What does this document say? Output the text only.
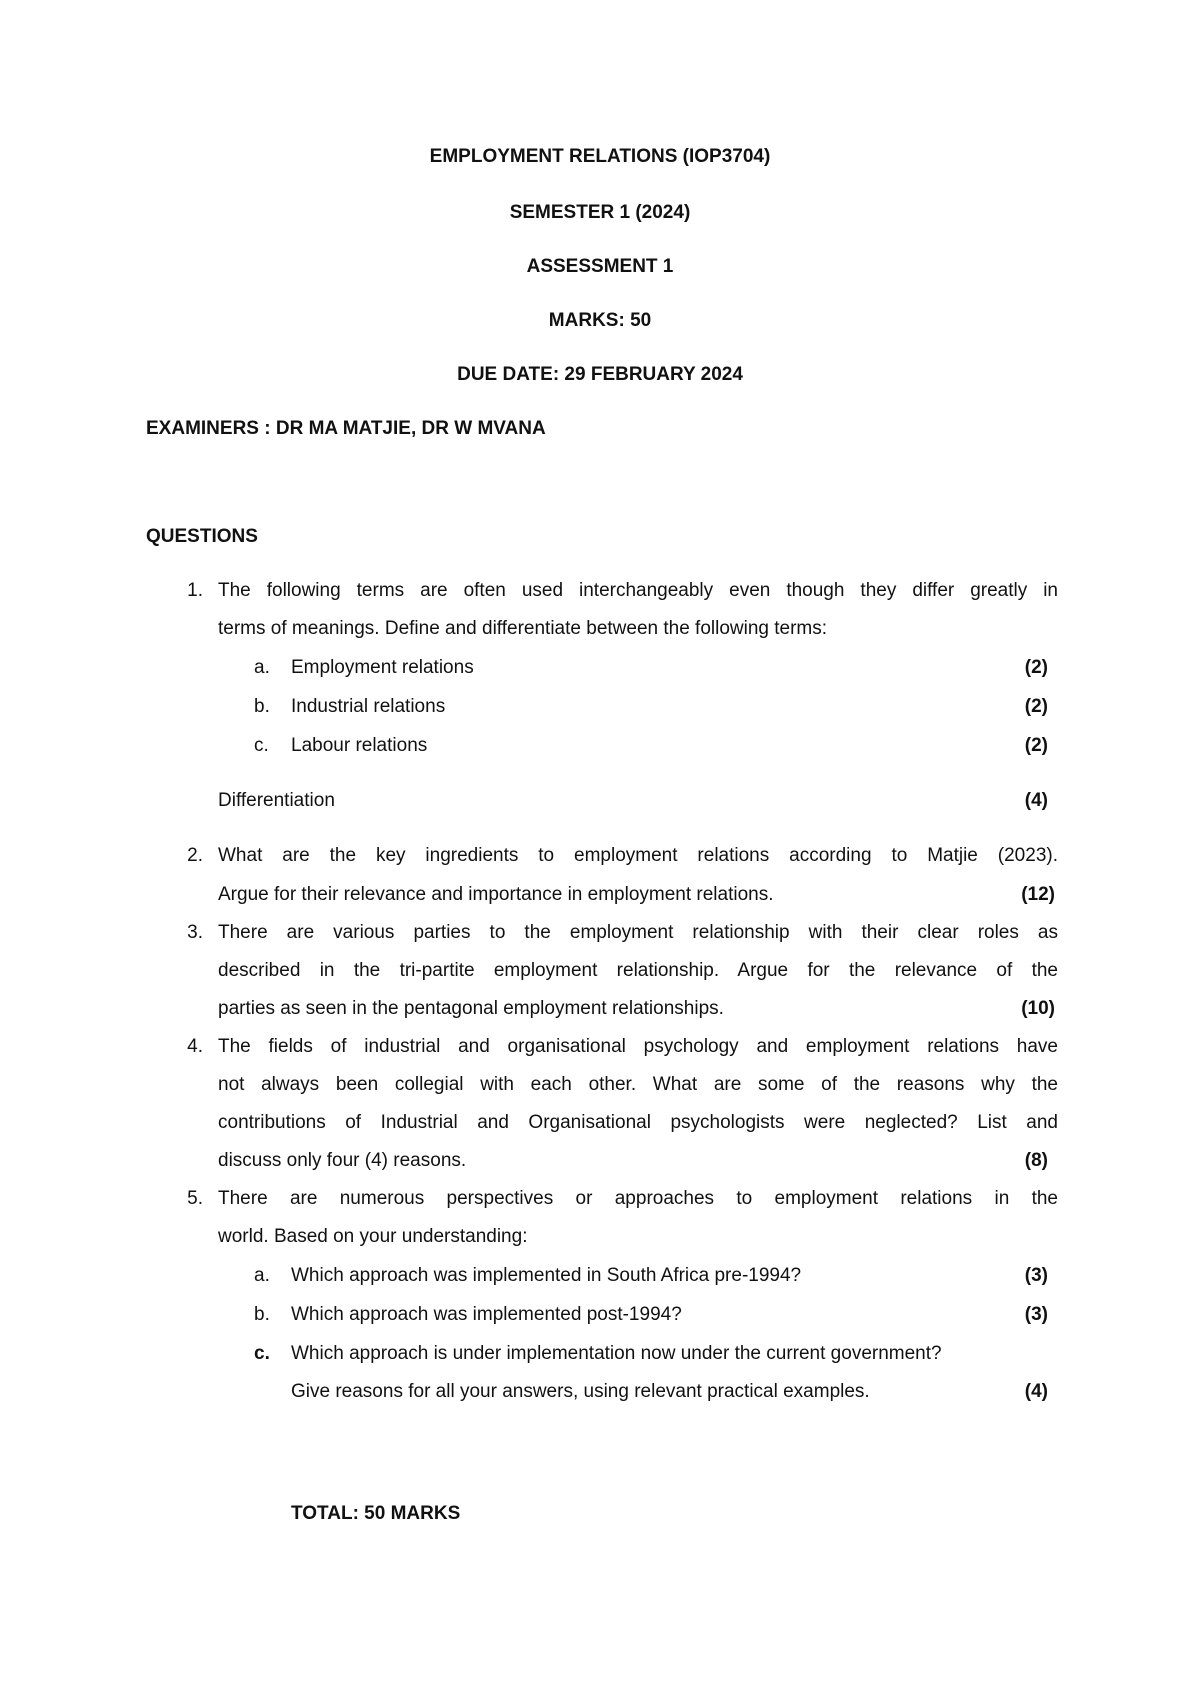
EMPLOYMENT RELATIONS (IOP3704)
SEMESTER 1 (2024)
ASSESSMENT 1
MARKS: 50
DUE DATE: 29 FEBRUARY 2024
EXAMINERS : DR MA MATJIE, DR W MVANA
QUESTIONS
1. The following terms are often used interchangeably even though they differ greatly in
terms of meanings. Define and differentiate between the following terms:
a. Employment relations	(2)
b. Industrial relations	(2)
c. Labour relations	(2)
Differentiation	(4)
2. What are the key ingredients to employment relations according to Matjie (2023).
Argue for their relevance and importance in employment relations.	(12)
3. There are various parties to the employment relationship with their clear roles as
described in the tri-partite employment relationship. Argue for the relevance of the
parties as seen in the pentagonal employment relationships.	(10)
4. The fields of industrial and organisational psychology and employment relations have
not always been collegial with each other. What are some of the reasons why the
contributions of Industrial and Organisational psychologists were neglected? List and
discuss only four (4) reasons.	(8)
5. There are numerous perspectives or approaches to employment relations in the
world. Based on your understanding:
a. Which approach was implemented in South Africa pre-1994?	(3)
b. Which approach was implemented post-1994?	(3)
c. Which approach is under implementation now under the current government?
Give reasons for all your answers, using relevant practical examples.	(4)
TOTAL: 50 MARKS
